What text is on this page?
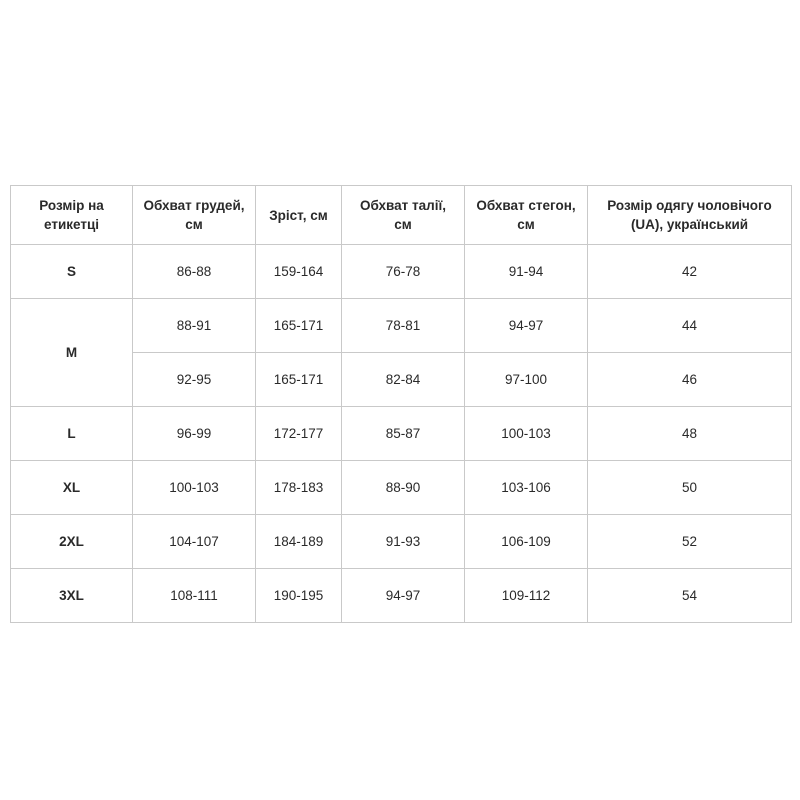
Розмір на етикетці	Обхват грудей, см	Зріст, см	Обхват талії, см	Обхват стегон, см	Розмір одягу чоловічого (UA), український
S	86-88	159-164	76-78	91-94	42
M	88-91	165-171	78-81	94-97	44
	92-95	165-171	82-84	97-100	46
L	96-99	172-177	85-87	100-103	48
XL	100-103	178-183	88-90	103-106	50
2XL	104-107	184-189	91-93	106-109	52
3XL	108-111	190-195	94-97	109-112	54
